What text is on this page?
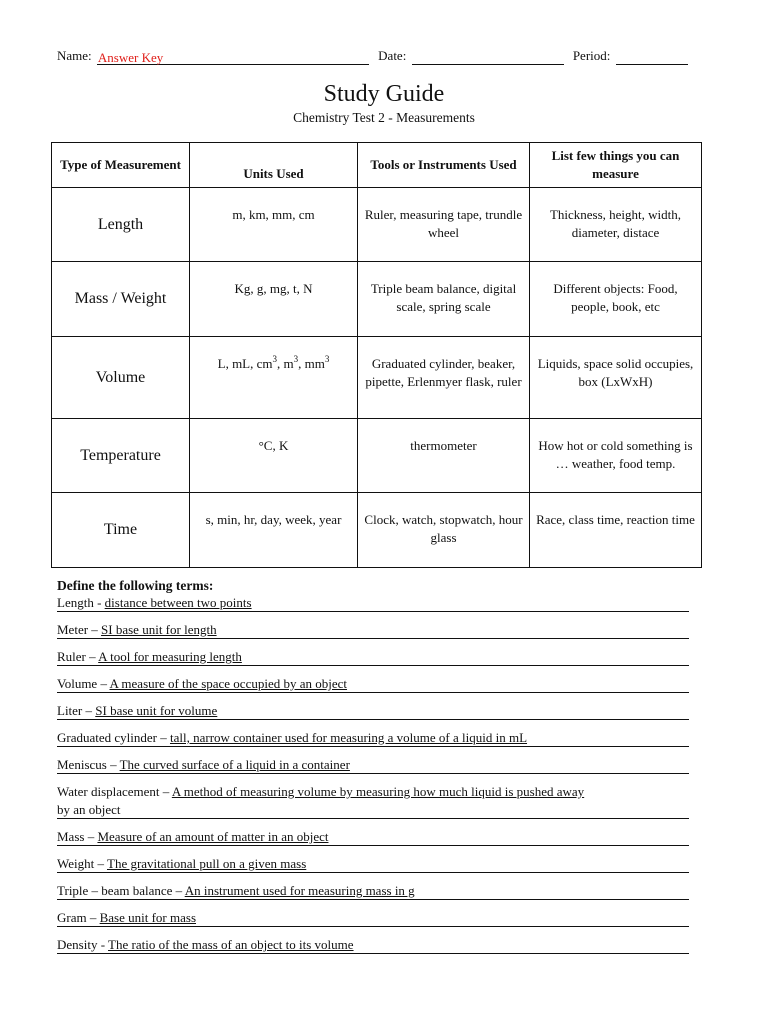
Name: Answer Key	Date:	Period:
Study Guide
Chemistry Test 2 - Measurements
Type of Measurement	Units Used	Tools or Instruments Used	List few things you can measure
Length	m, km, mm, cm	Ruler, measuring tape, trundle wheel	Thickness, height, width, diameter, distace
Mass / Weight	Kg, g, mg, t, N	Triple beam balance, digital scale, spring scale	Different objects: Food, people, book, etc
Volume	L, mL, $cm^3$, $m^3$, $mm^3$	Graduated cylinder, beaker, pipette, Erlenmyer flask, ruler	Liquids, space solid occupies, box (LxWxH)
Temperature	°C, K	thermometer	How hot or cold something is … weather, food temp.
Time	s, min, hr, day, week, year	Clock, watch, stopwatch, hour glass	Race, class time, reaction time
Define the following terms:
Length - distance between two points
Meter – SI base unit for length
Ruler – A tool for measuring length
Volume – A measure of the space occupied by an object
Liter – SI base unit for volume
Graduated cylinder – tall, narrow container used for measuring a volume of a liquid in mL
Meniscus – The curved surface of a liquid in a container
Water displacement – A method of measuring volume by measuring how much liquid is pushed away
by an object
Mass – Measure of an amount of matter in an object
Weight – The gravitational pull on a given mass
Triple – beam balance – An instrument used for measuring mass in g
Gram – Base unit for mass
Density - The ratio of the mass of an object to its volume
